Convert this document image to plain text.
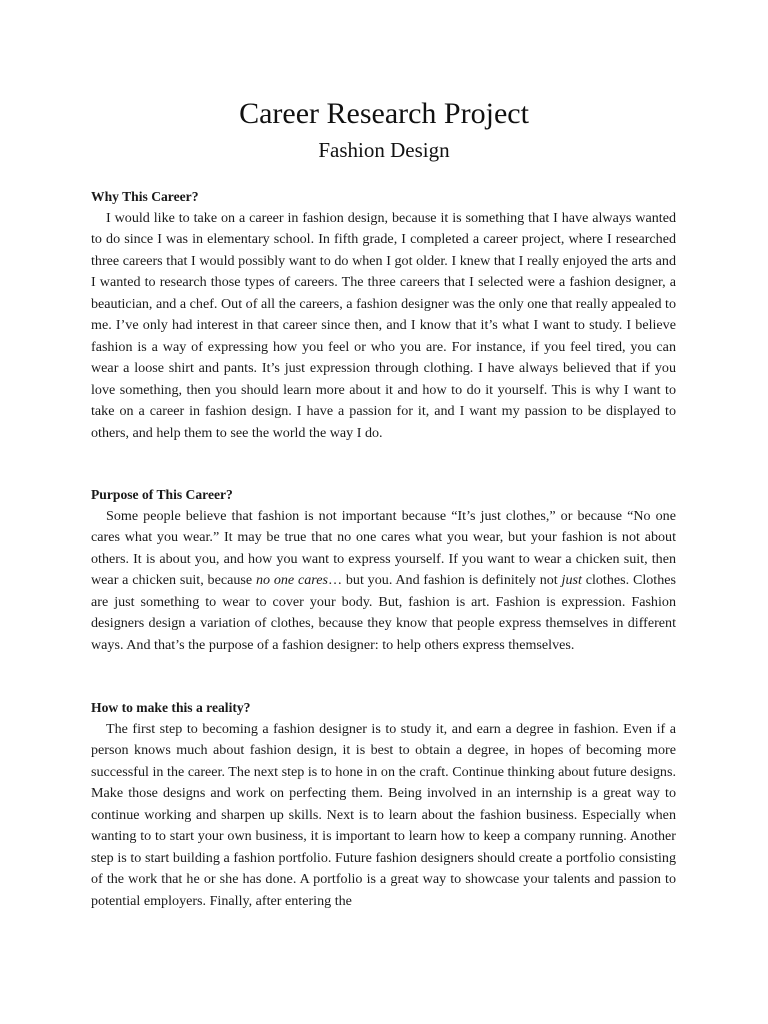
Career Research Project
Fashion Design

Why This Career?

I would like to take on a career in fashion design, because it is something that I have always wanted to do since I was in elementary school. In fifth grade, I completed a career project, where I researched three careers that I would possibly want to do when I got older. I knew that I really enjoyed the arts and I wanted to research those types of careers. The three careers that I selected were a fashion designer, a beautician, and a chef. Out of all the careers, a fashion designer was the only one that really appealed to me. I’ve only had interest in that career since then, and I know that it’s what I want to study. I believe fashion is a way of expressing how you feel or who you are. For instance, if you feel tired, you can wear a loose shirt and pants. It’s just expression through clothing. I have always believed that if you love something, then you should learn more about it and how to do it yourself. This is why I want to take on a career in fashion design. I have a passion for it, and I want my passion to be displayed to others, and help them to see the world the way I do.

Purpose of This Career?

Some people believe that fashion is not important because “It’s just clothes,” or because “No one cares what you wear.” It may be true that no one cares what you wear, but your fashion is not about others. It is about you, and how you want to express yourself. If you want to wear a chicken suit, then wear a chicken suit, because no one cares… but you. And fashion is definitely not just clothes. Clothes are just something to wear to cover your body. But, fashion is art. Fashion is expression. Fashion designers design a variation of clothes, because they know that people express themselves in different ways. And that’s the purpose of a fashion designer: to help others express themselves.

How to make this a reality?

The first step to becoming a fashion designer is to study it, and earn a degree in fashion. Even if a person knows much about fashion design, it is best to obtain a degree, in hopes of becoming more successful in the career. The next step is to hone in on the craft. Continue thinking about future designs. Make those designs and work on perfecting them. Being involved in an internship is a great way to continue working and sharpen up skills. Next is to learn about the fashion business. Especially when wanting to to start your own business, it is important to learn how to keep a company running. Another step is to start building a fashion portfolio. Future fashion designers should create a portfolio consisting of the work that he or she has done. A portfolio is a great way to showcase your talents and passion to potential employers. Finally, after entering the
